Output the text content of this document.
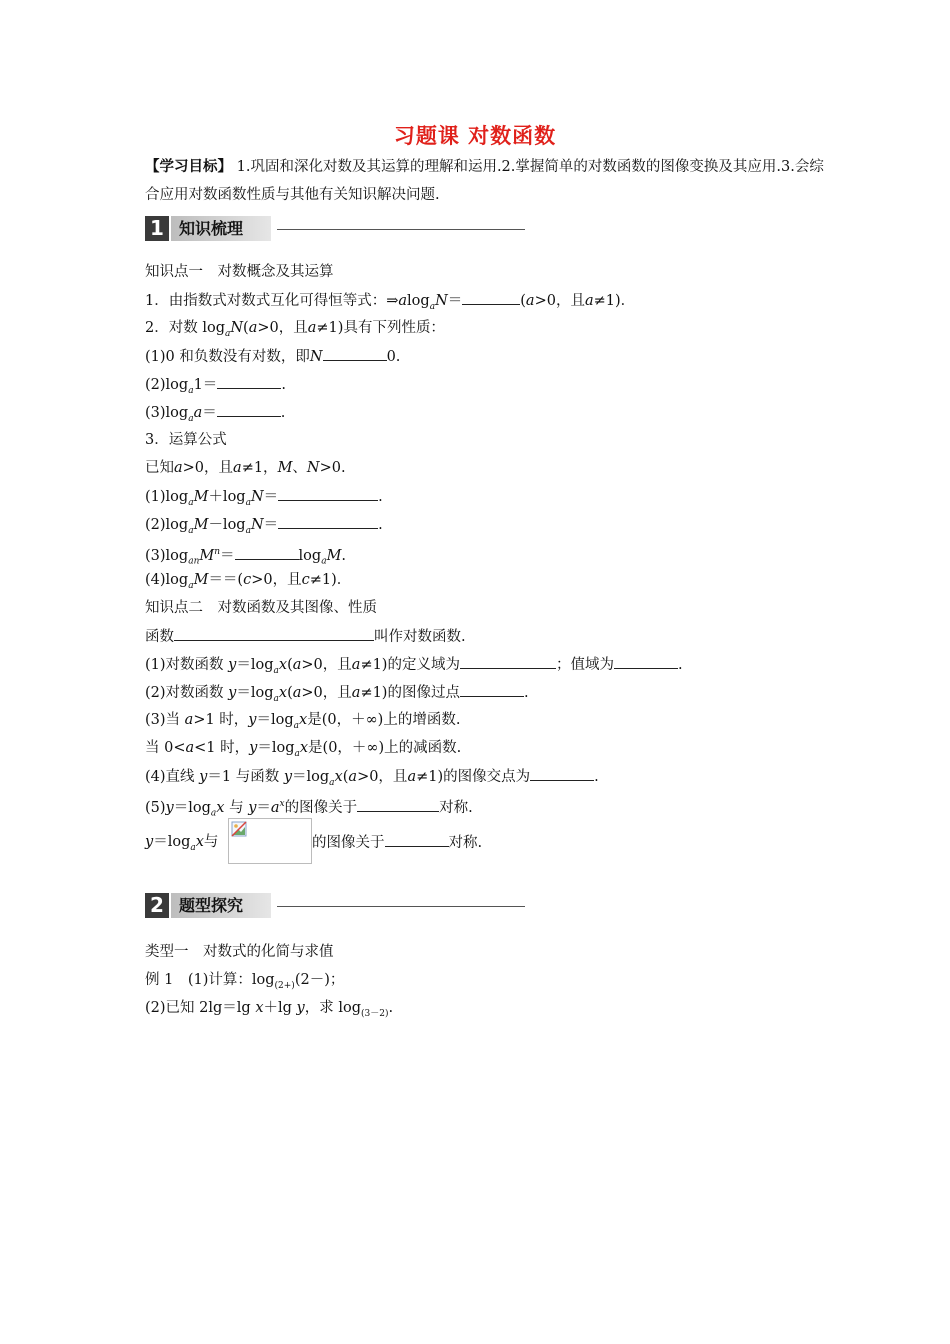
习题课 对数函数
【学习目标】 1.巩固和深化对数及其运算的理解和运用.2.掌握简单的对数函数的图像变换及其应用.3.会综合应用对数函数性质与其他有关知识解决问题.
1 知识梳理
知识点一　对数概念及其运算
1．由指数式对数式互化可得恒等式：⇒alog$_a$N＝	(a>0，且a≠1)．
2．对数 $\log_aN(a>0$，且a≠1)具有下列性质：
(1)0 和负数没有对数，即N	0.
$(2)\log_a1=$	.
$(3)\log_aa=$	.
3．运算公式
已知a>0，且a≠1，M、N>0.
$(1)\log_aM+\log_aN=$	.
$(2)\log_aM-\log_aN=$	.
$(3)\log_{an}M^n=$	$\log_aM$.
$(4)\log_aM==(c>0$，且c≠1)．
知识点二　对数函数及其图像、性质
函数	叫作对数函数.
(1)对数函数 $y=\log_ax(a>0$，且a≠1)的定义域为	；值域为	.
(2)对数函数 $y=\log_ax(a>0$，且a≠1)的图像过点	.
(3)当 a>1 时，$y=\log_ax$是(0，＋∞)上的增函数.
当 0<a<1 时，$y=\log_ax$是(0，＋∞)上的减函数.
(4)直线 y＝1 与函数 $y=\log_ax(a>0$，且a≠1)的图像交点为	.
$(5)y=\log_ax$ 与 $y=a^x$的图像关于	对称.
$y=\log_ax$与	的图像关于	对称.
2 题型探究
类型一　对数式的化简与求值
例 1　(1)计算：$\log_{(2+)}(2-)$；
(2)已知 2lg＝lg x＋lg y，求 $\log_{(3-2)}$.
